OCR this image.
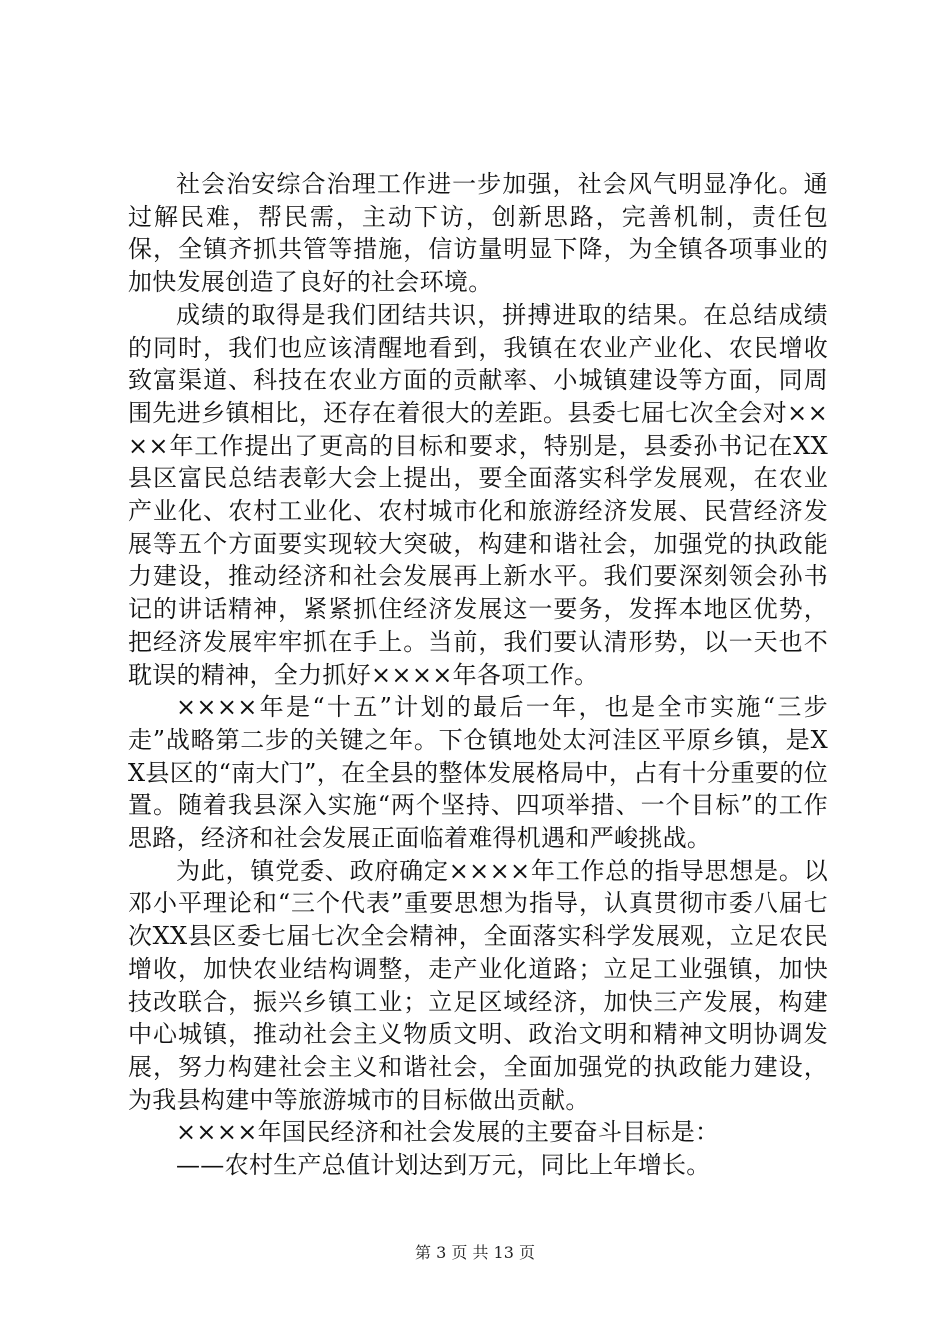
社会治安综合治理工作进一步加强，社会风气明显净化。通过解民难，帮民需，主动下访，创新思路，完善机制，责任包保，全镇齐抓共管等措施，信访量明显下降，为全镇各项事业的加快发展创造了良好的社会环境。

成绩的取得是我们团结共识，拼搏进取的结果。在总结成绩的同时，我们也应该清醒地看到，我镇在农业产业化、农民增收致富渠道、科技在农业方面的贡献率、小城镇建设等方面，同周围先进乡镇相比，还存在着很大的差距。县委七届七次全会对××××年工作提出了更高的目标和要求，特别是，县委孙书记在XX县区富民总结表彰大会上提出，要全面落实科学发展观，在农业产业化、农村工业化、农村城市化和旅游经济发展、民营经济发展等五个方面要实现较大突破，构建和谐社会，加强党的执政能力建设，推动经济和社会发展再上新水平。我们要深刻领会孙书记的讲话精神，紧紧抓住经济发展这一要务，发挥本地区优势，把经济发展牢牢抓在手上。当前，我们要认清形势，以一天也不耽误的精神，全力抓好××××年各项工作。

××××年是“十五”计划的最后一年，也是全市实施“三步走”战略第二步的关键之年。下仓镇地处太河洼区平原乡镇，是XX县区的“南大门”，在全县的整体发展格局中，占有十分重要的位置。随着我县深入实施“两个坚持、四项举措、一个目标”的工作思路，经济和社会发展正面临着难得机遇和严峻挑战。

为此，镇党委、政府确定××××年工作总的指导思想是。以邓小平理论和“三个代表”重要思想为指导，认真贯彻市委八届七次XX县区委七届七次全会精神，全面落实科学发展观，立足农民增收，加快农业结构调整，走产业化道路；立足工业强镇，加快技改联合，振兴乡镇工业；立足区域经济，加快三产发展，构建中心城镇，推动社会主义物质文明、政治文明和精神文明协调发展，努力构建社会主义和谐社会，全面加强党的执政能力建设，为我县构建中等旅游城市的目标做出贡献。

××××年国民经济和社会发展的主要奋斗目标是：

——农村生产总值计划达到万元，同比上年增长。

第 3 页 共 13 页
